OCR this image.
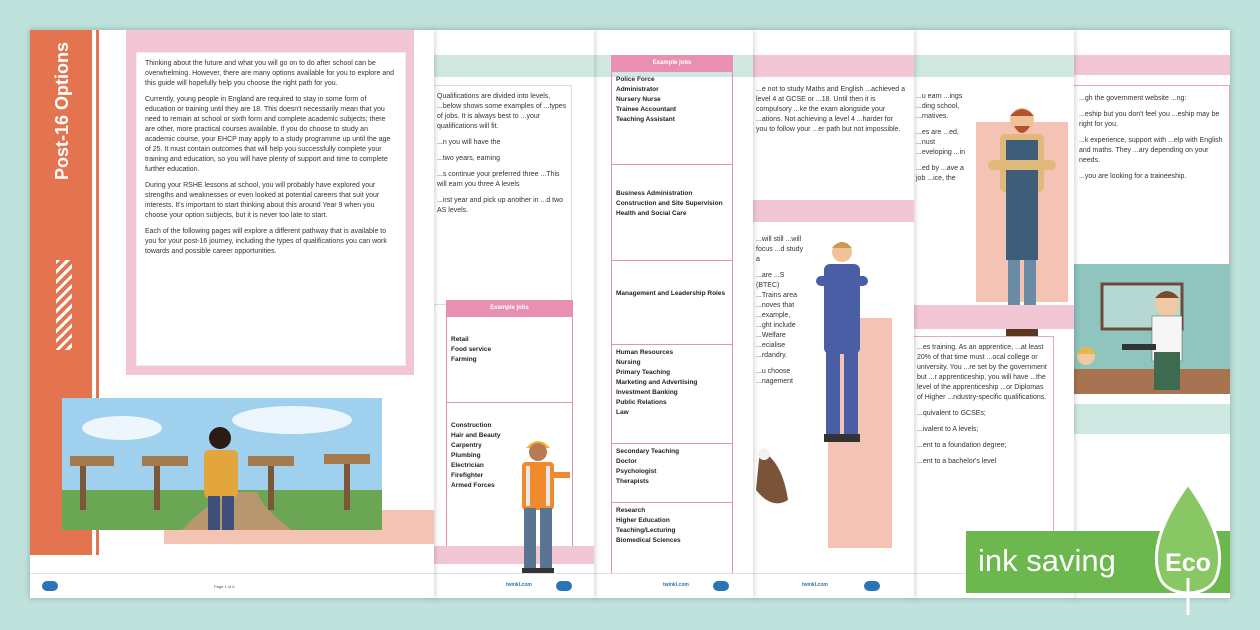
...gh the government website ...ng:

...eship but you don't feel you ...eship may be right for you.

...k experience, support with ...elp with English and maths. They ...ary depending on your needs.

...you are looking for a traineeship.

...u earn ...ings ...ding school, ...rnatives.

...es are ...ed, ...nust ...eveloping ...in

...ed by ...ave a job ...ice, the

...es training. As an apprentice, ...at least 20% of that time must ...ocal college or university. You ...re set by the government but ...r apprenticeship, you will have ...the level of the apprenticeship ...or Diplomas of Higher ...ndustry-specific qualifications.

...quivalent to GCSEs;

...ivalent to A levels;

...ent to a foundation degree;

...ent to a bachelor's level

...e not to study Maths and English ...achieved a level 4 at GCSE or ...18. Until then it is compulsory ...ke the exam alongside your ...ations. Not achieving a level 4 ...harder for you to follow your ...er path but not impossible.

...will still ...will focus ...d study a

...are ...S (BTEC) ...Trains area ...noves that ...example, ...ght include ...Welfare ...ecialise ...rdandry.

...u choose ...nagement

twinkl.com
Example jobs
Police Force
Administrator
Nursery Nurse
Trainee Accountant
Teaching Assistant
Business Administration
Construction and Site Supervision
Health and Social Care
Management and Leadership Roles
Human Resources
Nursing
Primary Teaching
Marketing and Advertising
Investment Banking
Public Relations
Law
Secondary Teaching
Doctor
Psychologist
Therapists
Research
Higher Education Teaching/Lecturing
Biomedical Sciences
twinkl.com

Qualifications are divided into levels, ...below shows some examples of ...types of jobs. It is always best to ...your qualifications will fit.

...n you will have the

...two years, earning

...s continue your preferred three ...This will earn you three A levels

...irst year and pick up another in ...d two AS levels.

Example jobs
Retail
Food service
Farming
Construction
Hair and Beauty
Carpentry
Plumbing
Electrician
Firefighter
Armed Forces
twinkl.com
Post-16 Options	Thinking about the future and what you will go on to do after school can be overwhelming. However, there are many options available for you to explore and this guide will hopefully help you choose the right path for you.

Currently, young people in England are required to stay in some form of education or training until they are 18. This doesn't necessarily mean that you need to remain at school or sixth form and complete academic subjects; there are other, more practical courses available. If you do choose to study an academic course, your EHCP may apply to a study programme up until the age of 25. It must contain outcomes that will help you successfully complete your training and education, so you will have plenty of support and time to complete further education.

During your RSHE lessons at school, you will probably have explored your strengths and weaknesses or even looked at potential careers that suit your interests. It's important to start thinking about this around Year 9 when you choose your option subjects, but it is never too late to start.

Each of the following pages will explore a different pathway that is available to you for your post-16 journey, including the types of qualifications you can work towards and possible career opportunities.

Page 1 of 6
ink saving	Eco
